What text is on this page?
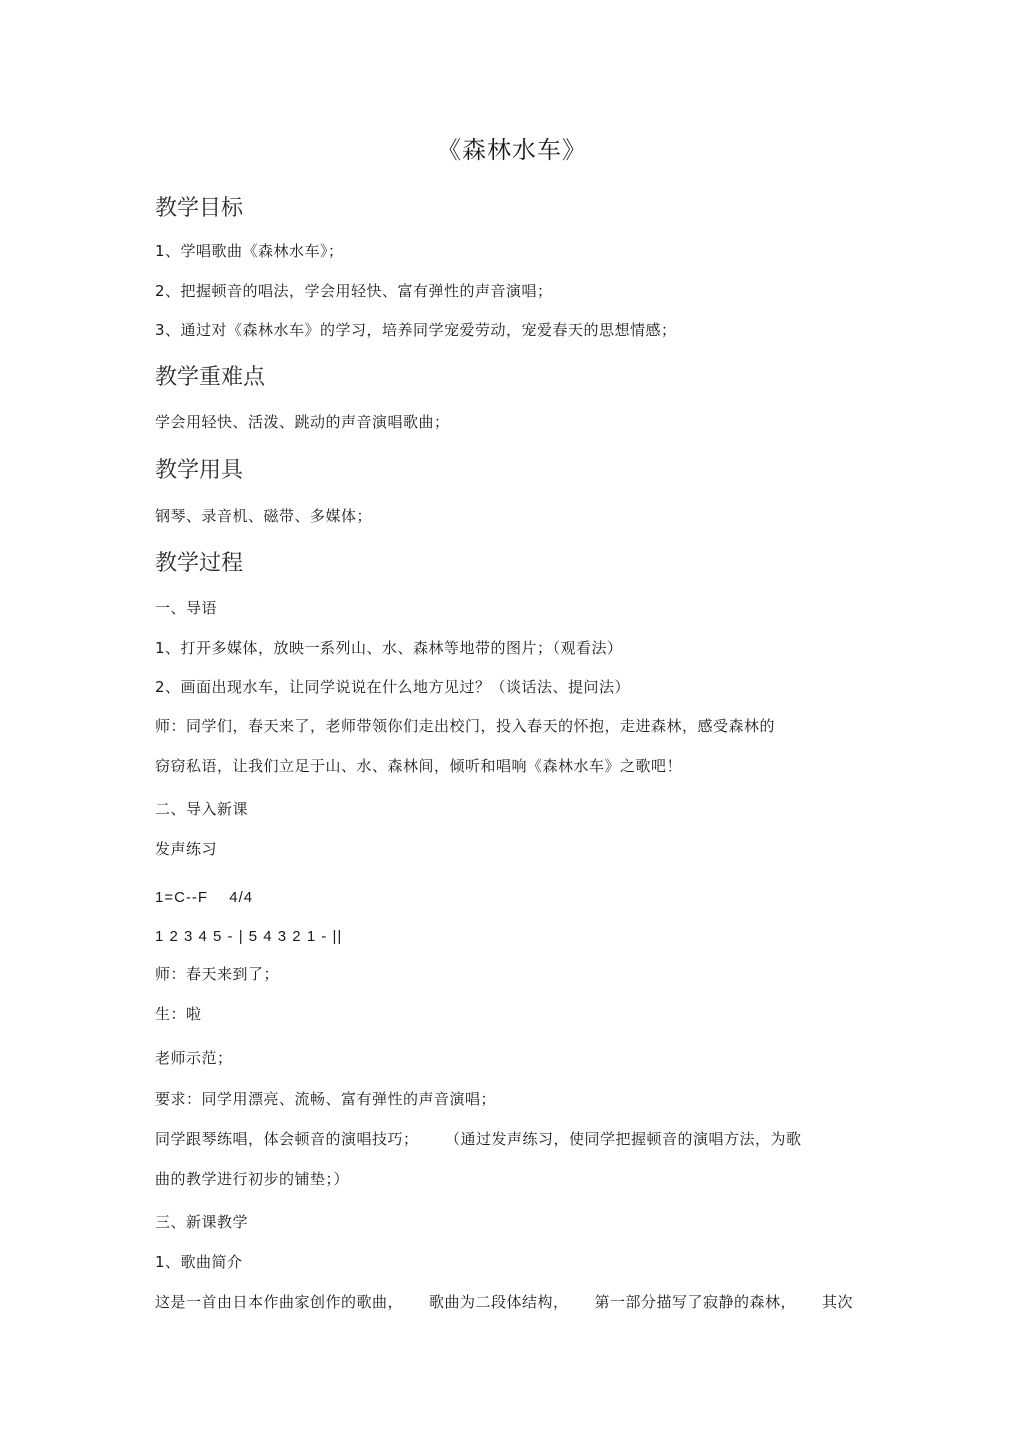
《森林水车》
教学目标
1、学唱歌曲《森林水车》；
2、把握顿音的唱法，学会用轻快、富有弹性的声音演唱；
3、通过对《森林水车》的学习，培养同学宠爱劳动，宠爱春天的思想情感；
教学重难点
学会用轻快、活泼、跳动的声音演唱歌曲；
教学用具
钢琴、录音机、磁带、多媒体；
教学过程
一、导语
1、打开多媒体，放映一系列山、水、森林等地带的图片；（观看法）
2、画面出现水车，让同学说说在什么地方见过？（谈话法、提问法）
师：同学们，春天来了，老师带领你们走出校门，投入春天的怀抱，走进森林，感受森林的
窃窃私语，让我们立足于山、水、森林间，倾听和唱响《森林水车》之歌吧！
二、导入新课
发声练习
1=C--F　 4/4
1 2 3 4 5 - | 5 4 3 2 1 - ||
师：春天来到了；
生：啦
老师示范；
要求：同学用漂亮、流畅、富有弹性的声音演唱；
同学跟琴练唱，体会顿音的演唱技巧； （通过发声练习，使同学把握顿音的演唱方法，为歌
曲的教学进行初步的铺垫；）
三、新课教学
1、歌曲简介
这是一首由日本作曲家创作的歌曲， 歌曲为二段体结构， 第一部分描写了寂静的森林， 其次
